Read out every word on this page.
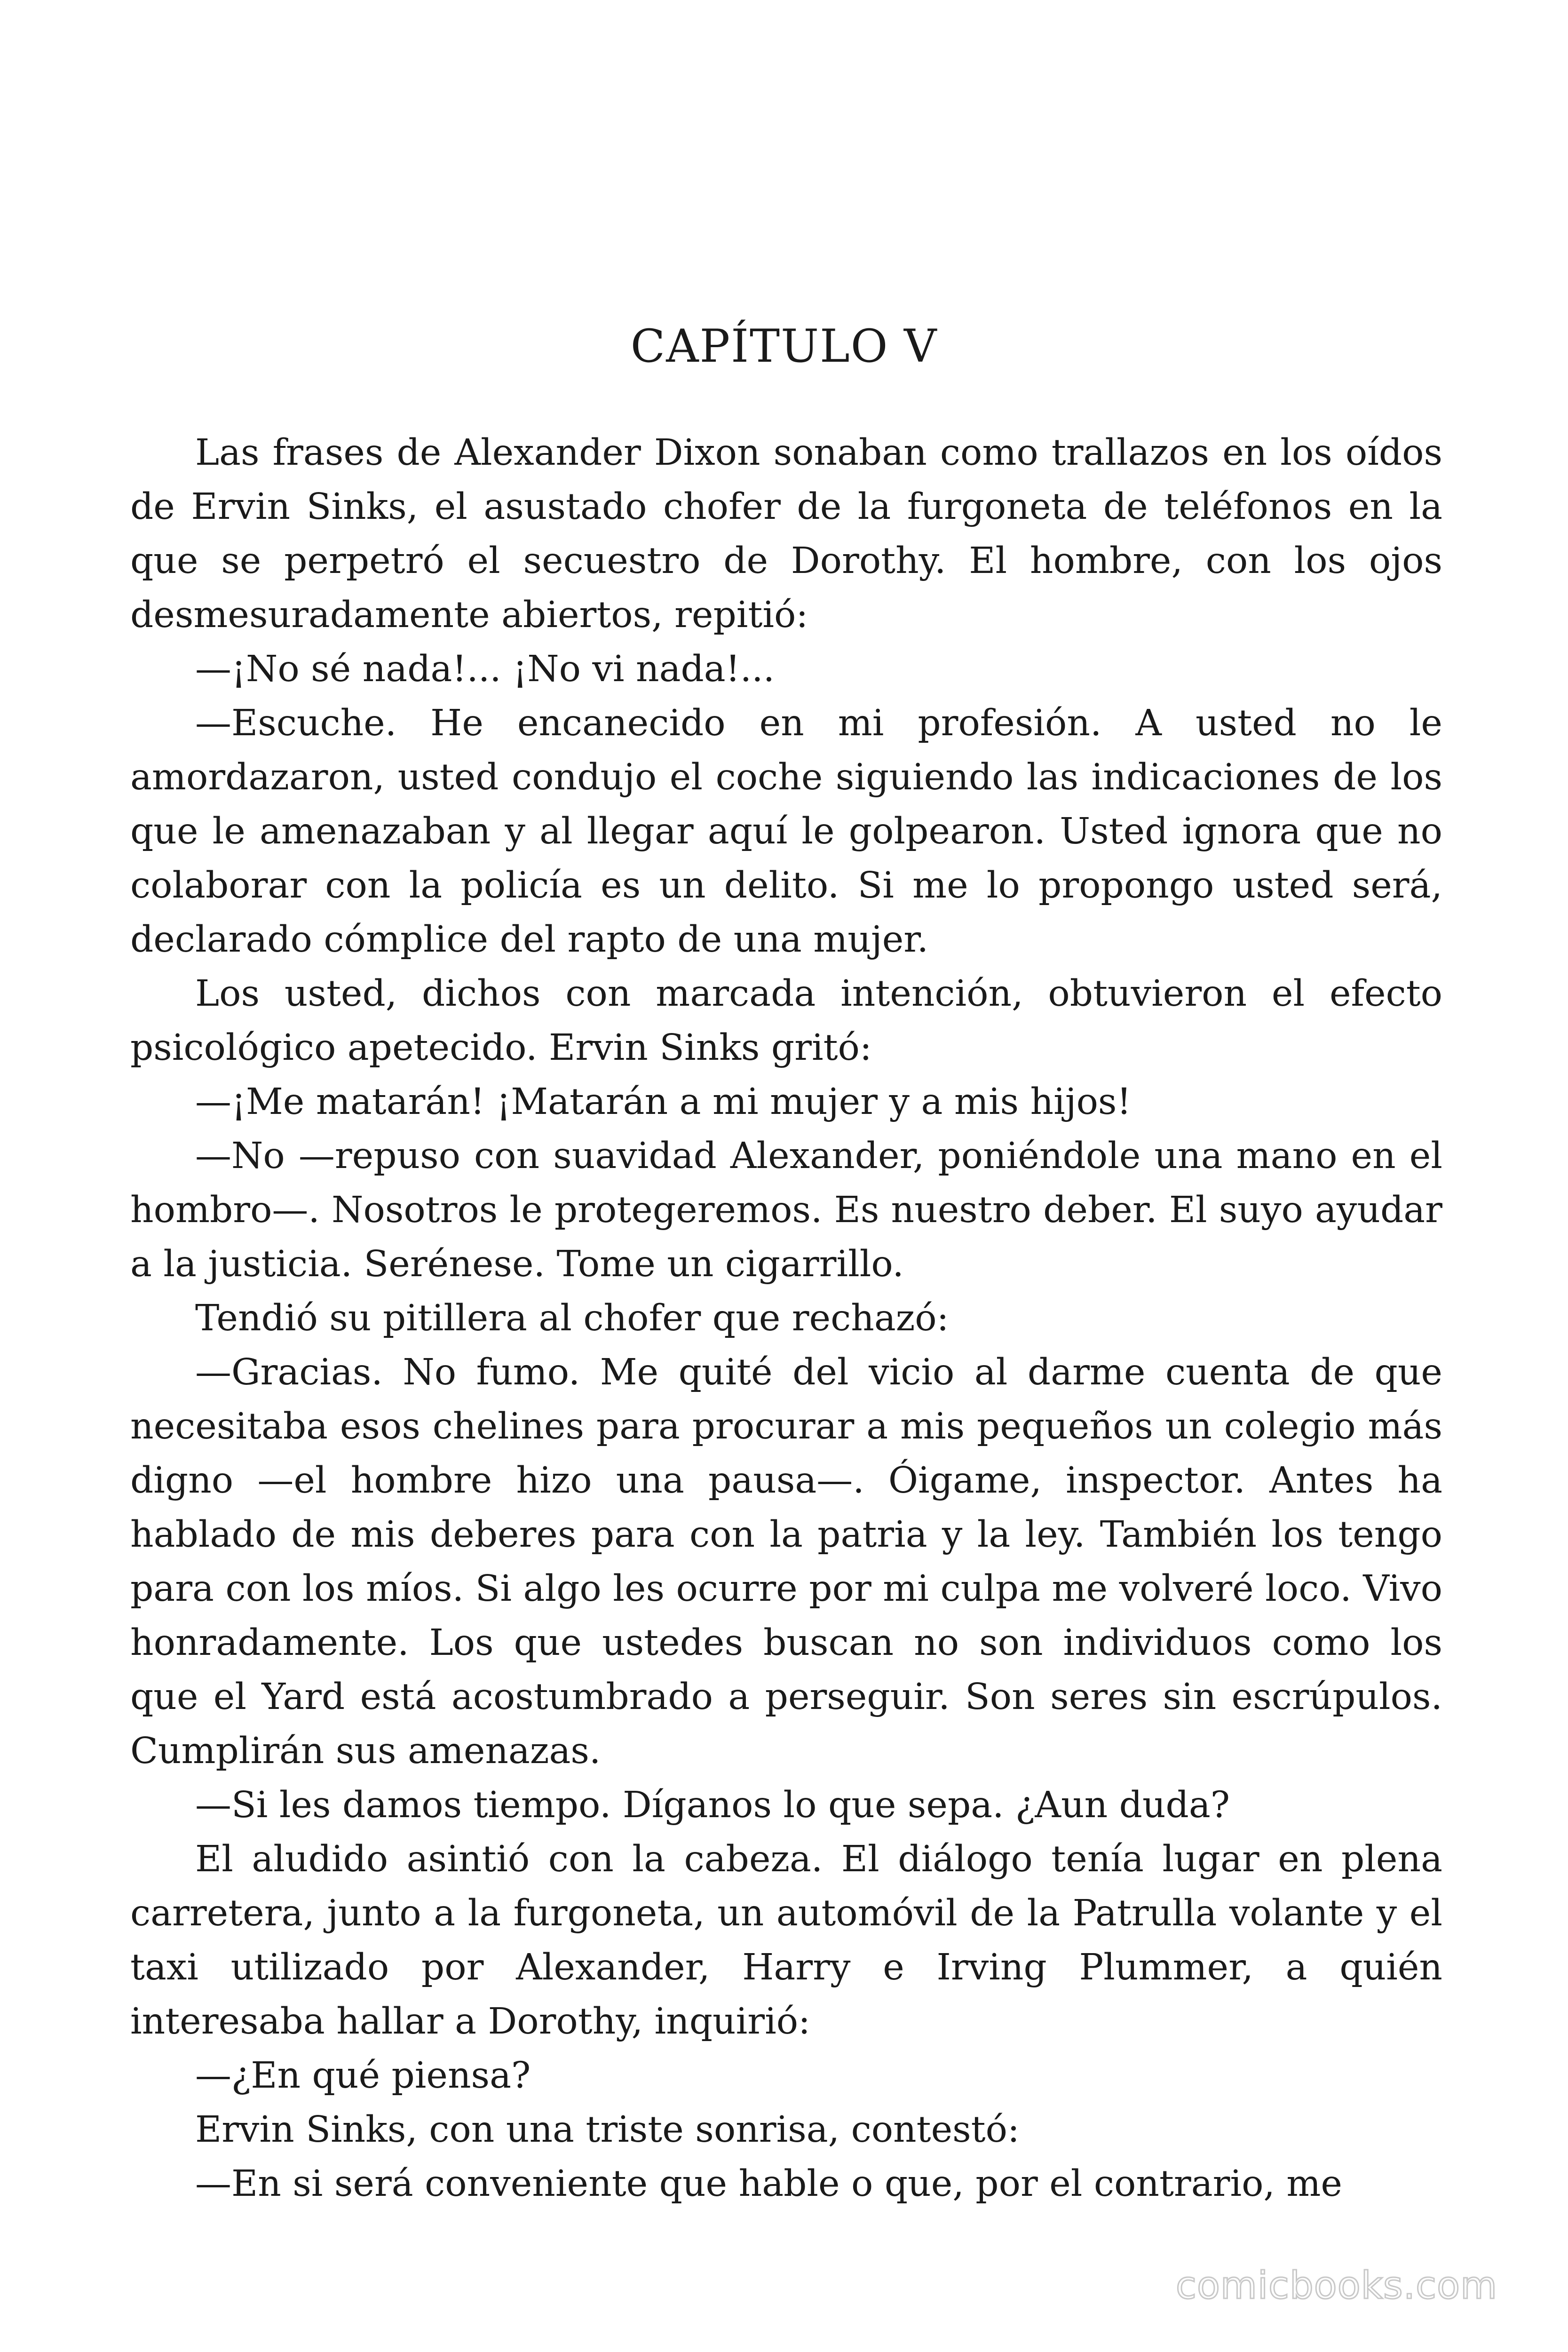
CAPÍTULO V

Las frases de Alexander Dixon sonaban como trallazos en los oídos de Ervin Sinks, el asustado chofer de la furgoneta de teléfonos en la que se perpetró el secuestro de Dorothy. El hombre, con los ojos desmesuradamente abiertos, repitió:

—¡No sé nada!... ¡No vi nada!...

—Escuche. He encanecido en mi profesión. A usted no le amordazaron, usted condujo el coche siguiendo las indicaciones de los que le amenazaban y al llegar aquí le golpearon. Usted ignora que no colaborar con la policía es un delito. Si me lo propongo usted será, declarado cómplice del rapto de una mujer.

Los usted, dichos con marcada intención, obtuvieron el efecto psicológico apetecido. Ervin Sinks gritó:

—¡Me matarán! ¡Matarán a mi mujer y a mis hijos!

—No —repuso con suavidad Alexander, poniéndole una mano en el hombro—. Nosotros le protegeremos. Es nuestro deber. El suyo ayudar a la justicia. Serénese. Tome un cigarrillo.

Tendió su pitillera al chofer que rechazó:

—Gracias. No fumo. Me quité del vicio al darme cuenta de que necesitaba esos chelines para procurar a mis pequeños un colegio más digno —el hombre hizo una pausa—. Óigame, inspector. Antes ha hablado de mis deberes para con la patria y la ley. También los tengo para con los míos. Si algo les ocurre por mi culpa me volveré loco. Vivo honradamente. Los que ustedes buscan no son individuos como los que el Yard está acostumbrado a perseguir. Son seres sin escrúpulos. Cumplirán sus amenazas.

—Si les damos tiempo. Díganos lo que sepa. ¿Aun duda?

El aludido asintió con la cabeza. El diálogo tenía lugar en plena carretera, junto a la furgoneta, un automóvil de la Patrulla volante y el taxi utilizado por Alexander, Harry e Irving Plummer, a quién interesaba hallar a Dorothy, inquirió:

—¿En qué piensa?

Ervin Sinks, con una triste sonrisa, contestó:

—En si será conveniente que hable o que, por el contrario, me

comicbooks.com
